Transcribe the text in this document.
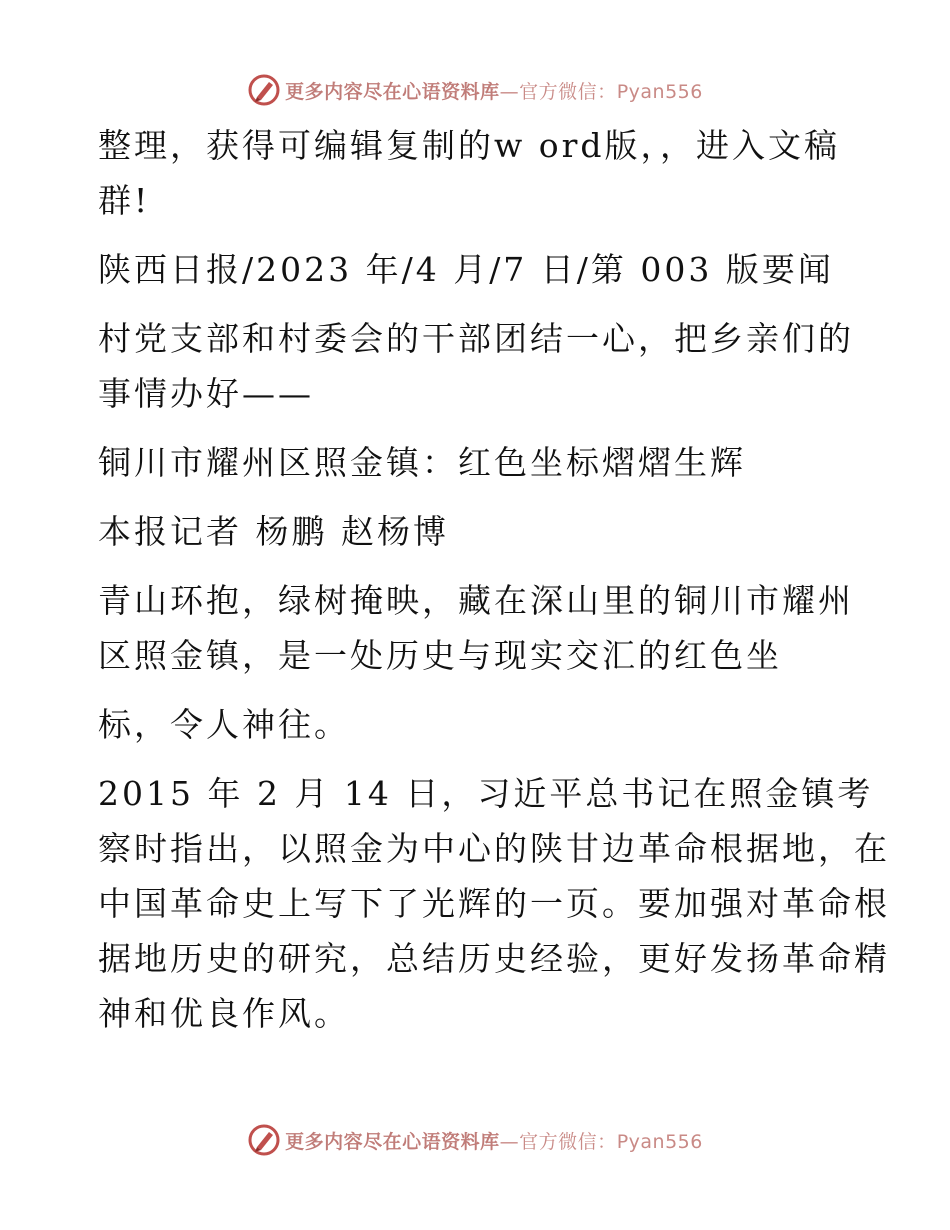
更多内容尽在心语资料库—官方微信：Pyan556

整理，获得可编辑复制的w ord版，，进入文稿
群!

陕西日报/2023 年/4 月/7 日/第 003 版要闻

村党支部和村委会的干部团结一心，把乡亲们的
事情办好——

铜川市耀州区照金镇：红色坐标熠熠生辉

本报记者 杨鹏 赵杨博

青山环抱，绿树掩映，藏在深山里的铜川市耀州
区照金镇，是一处历史与现实交汇的红色坐

标，令人神往。

2015 年 2 月 14 日，习近平总书记在照金镇考
察时指出，以照金为中心的陕甘边革命根据地，在
中国革命史上写下了光辉的一页。要加强对革命根
据地历史的研究，总结历史经验，更好发扬革命精
神和优良作风。

更多内容尽在心语资料库—官方微信：Pyan556
